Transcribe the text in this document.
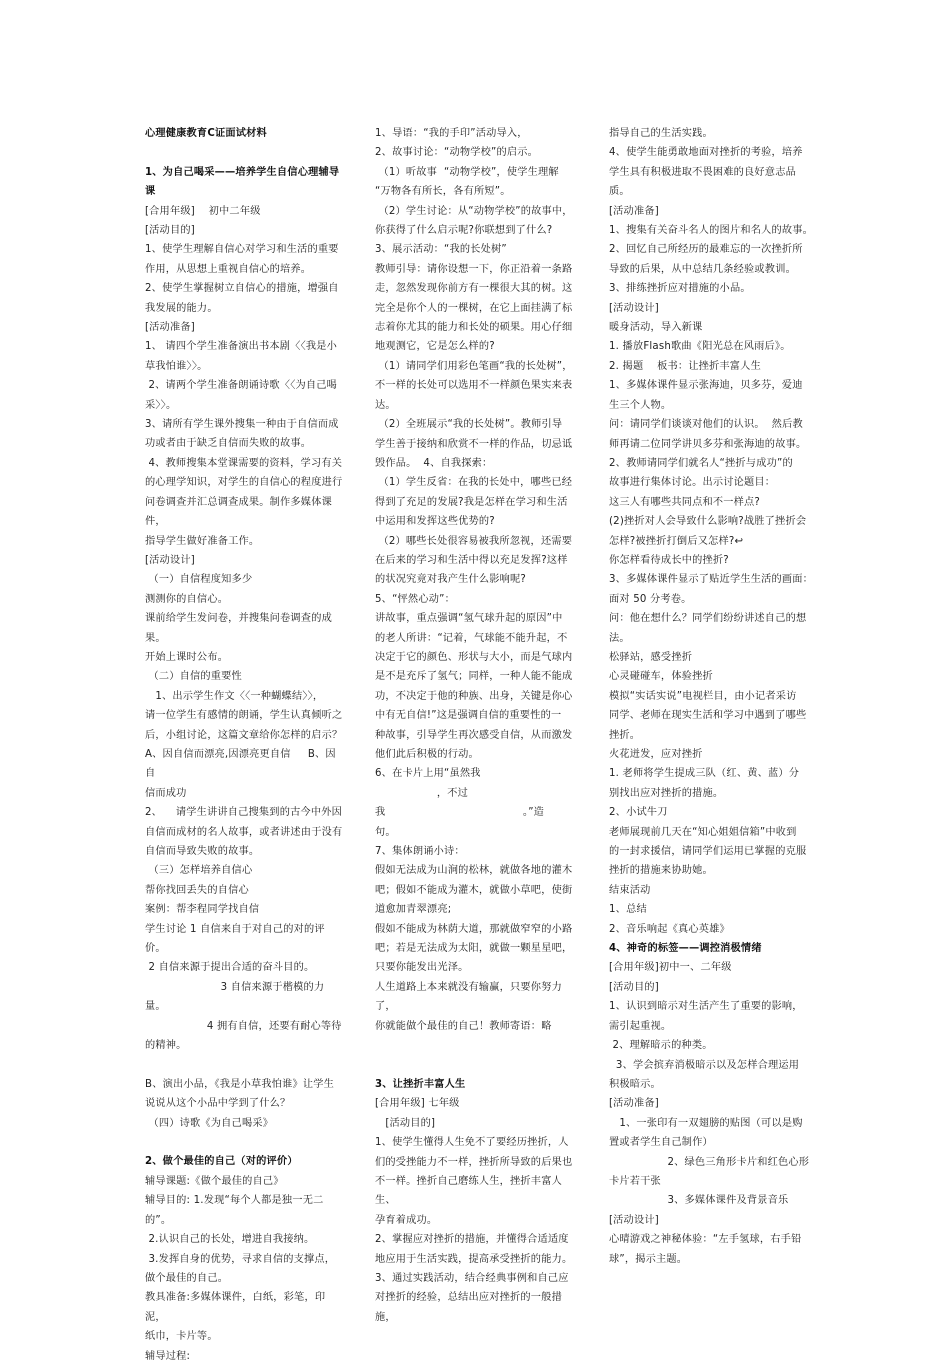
心理健康教育C证面试材料
1、为自己喝采——培养学生自信心理辅导
课
[合用年级]    初中二年级
[活动目的]
1、使学生理解自信心对学习和生活的重要
作用，从思想上重视自信心的培养。
2、使学生掌握树立自信心的措施，增强自
我发展的能力。
[活动准备]
1、 请四个学生准备演出书本剧〈〈我是小
草我怕谁〉〉。
2、请两个学生准备朗诵诗歌〈〈为自己喝
采〉〉。
3、请所有学生课外搜集一种由于自信而成
功或者由于缺乏自信而失败的故事。
4、教师搜集本堂课需要的资料，学习有关
的心理学知识，对学生的自信心的程度进行
问卷调查并汇总调查成果。制作多媒体课件，
指导学生做好准备工作。
[活动设计]
（一）自信程度知多少
测测你的自信心。
课前给学生发问卷，并搜集问卷调查的成果。
开始上课时公布。
（二）自信的重要性
1、出示学生作文〈〈一种蝴蝶结〉〉，
请一位学生有感情的朗诵，学生认真倾听之
后，小组讨论，这篇文章给你怎样的启示？
A、因自信而漂亮,因漂亮更自信     B、因自
信而成功
2、    请学生讲讲自己搜集到的古今中外因
自信而成材的名人故事，或者讲述由于没有
自信而导致失败的故事。
（三）怎样培养自信心
帮你找回丢失的自信心
案例：帮李程同学找自信
学生讨论 1 自信来自于对自己的对的评价。
2 自信来源于提出合适的奋斗目的。
3 自信来源于楷模的力量。
4 拥有自信，还要有耐心等待
的精神。
B、演出小品，《我是小草我怕谁》让学生
说说从这个小品中学到了什么？
（四）诗歌《为自己喝采》
2、做个最佳的自己（对的评价）
辅导课题:《做个最佳的自己》
辅导目的: 1.发现“每个人都是独一无二
的”。
2.认识自己的长处，增进自我接纳。
3.发挥自身的优势，寻求自信的支撑点，
做个最佳的自己。
教具准备:多媒体课件，白纸，彩笔，印泥，
纸巾，卡片等。
辅导过程:
1、导语：“我的手印”活动导入，
2、故事讨论：“动物学校”的启示。
（1）听故事  “动物学校”，使学生理解
“万物各有所长，各有所短”。
（2）学生讨论：从“动物学校”的故事中，
你获得了什么启示呢?你联想到了什么?
3、展示活动：“我的长处树”
教师引导：请你设想一下，你正沿着一条路
走，忽然发现你前方有一棵很大其的树。这
完全是你个人的一棵树，在它上面挂满了标
志着你尤其的能力和长处的硕果。用心仔细
地观测它，它是怎么样的?
（1）请同学们用彩色笔画“我的长处树”，
不一样的长处可以选用不一样颜色果实来表
达。
（2）全班展示“我的长处树”。教师引导
学生善于接纳和欣赏不一样的作品，切忌诋
毁作品。  4、自我探索：
（1）学生反省：在我的长处中，哪些已经
得到了充足的发展?我是怎样在学习和生活
中运用和发挥这些优势的?
（2）哪些长处很容易被我所忽视，还需要
在后来的学习和生活中得以充足发挥?这样
的状况究竟对我产生什么影响呢?
5、“怦然心动”：
讲故事，重点强调“氢气球升起的原因”中
的老人所讲：“记着，气球能不能升起，不
决定于它的颜色、形状与大小，而是气球内
是不是充斥了氢气；同样，一种人能不能成
功，不决定于他的种族、出身，关键是你心
中有无自信!”这是强调自信的重要性的一
种故事，引导学生再次感受自信，从而激发
他们此后积极的行动。
6、在卡片上用“虽然我
，不过
我                                        。”造
句。
7、集体朗诵小诗：
假如无法成为山涧的松林，就做各地的灌木
吧；假如不能成为灌木，就做小草吧，使街
道愈加青翠漂亮;
假如不能成为林荫大道，那就做窄窄的小路
吧；若是无法成为太阳，就做一颗星星吧，
只要你能发出光泽。
人生道路上本来就没有输赢，只要你努力了，
你就能做个最佳的自己！教师寄语：略
3、让挫折丰富人生
[合用年级] 七年级
[活动目的]
1、使学生懂得人生免不了要经历挫折，人
们的受挫能力不一样，挫折所导致的后果也
不一样。挫折自己磨练人生，挫折丰富人生、
孕育着成功。
2、掌握应对挫折的措施，并懂得合适适度
地应用于生活实践，提高承受挫折的能力。
3、通过实践活动，结合经典事例和自己应
对挫折的经验，总结出应对挫折的一般措施，
指导自己的生活实践。
4、使学生能勇敢地面对挫折的考验，培养
学生具有积极进取不畏困难的良好意志品质。
[活动准备]
1、搜集有关奋斗名人的图片和名人的故事。
2、回忆自己所经历的最难忘的一次挫折所
导致的后果，从中总结几条经验或教训。
3、排练挫折应对措施的小品。
[活动设计]
暖身活动，导入新课
1. 播放Flash歌曲《阳光总在风雨后》。
2. 揭题    板书：让挫折丰富人生
1、多媒体课件显示张海迪，贝多芬，爱迪
生三个人物。
问：请同学们谈谈对他们的认识。  然后教
师再请二位同学讲贝多芬和张海迪的故事。
2、教师请同学们就名人“挫折与成功”的
故事进行集体讨论。出示讨论题目：
这三人有哪些共同点和不一样点?
(2)挫折对人会导致什么影响?战胜了挫折会
怎样?被挫折打倒后又怎样?↩
你怎样看待成长中的挫折?
3、多媒体课件显示了贴近学生生活的画面：
面对 50 分考卷。
问：他在想什么？同学们纷纷讲述自己的想
法。
松驿站，感受挫折
心灵碰碰车，体验挫折
模拟“实话实说”电视栏目，由小记者采访
同学、老师在现实生活和学习中遇到了哪些
挫折。
火花迸发，应对挫折
1. 老师将学生提成三队（红、黄、蓝）分
别找出应对挫折的措施。
2、小试牛刀
老师展现前几天在“知心姐姐信箱”中收到
的一封求援信，请同学们运用已掌握的克服
挫折的措施来协助她。
结束活动
1、总结
2、音乐响起《真心英雄》
4、神奇的标签——调控消极情绪
[合用年级]初中一、二年级
[活动目的]
1、认识到暗示对生活产生了重要的影响，
需引起重视。
2、理解暗示的种类。
3、学会摈弃消极暗示以及怎样合理运用
积极暗示。
[活动准备]
1、一张印有一双翅膀的贴图（可以是购
置或者学生自己制作）
2、绿色三角形卡片和红色心形
卡片若干张
3、多媒体课件及背景音乐
[活动设计]
心晴游戏之神秘体验：“左手氢球，右手铅
球”，揭示主题。
